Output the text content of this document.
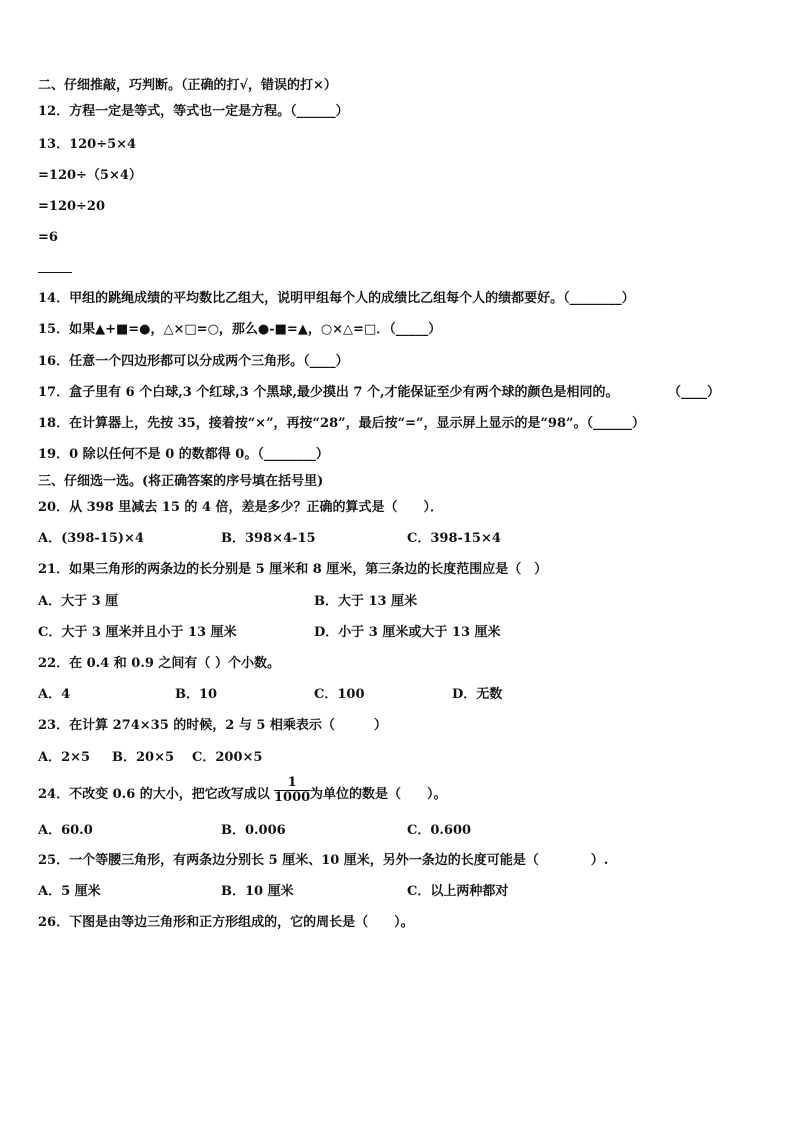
二、仔细推敲，巧判断。（正确的打√，错误的打×）
12．方程一定是等式，等式也一定是方程。（______）
13．120÷5×4
=120÷（5×4）
=120÷20
=6
14．甲组的跳绳成绩的平均数比乙组大，说明甲组每个人的成绩比乙组每个人的绩都要好。（________）
15．如果▲+■=●，△×□=○，那么●-■=▲，○×△=□．（_____）
16．任意一个四边形都可以分成两个三角形。（____）
17．盒子里有 6 个白球,3 个红球,3 个黑球,最少摸出 7 个,才能保证至少有两个球的颜色是相同的。	（____）
18．在计算器上，先按 35，接着按“×”，再按“28”，最后按“=”，显示屏上显示的是“98”。（______）
19．0 除以任何不是 0 的数都得 0。（________）
三、仔细选一选。(将正确答案的序号填在括号里)
20．从 398 里减去 15 的 4 倍，差是多少？正确的算式是（　　）．
A．(398-15)×4	B．398×4-15	C．398-15×4
21．如果三角形的两条边的长分别是 5 厘米和 8 厘米，第三条边的长度范围应是（　）
A．大于 3 厘	B．大于 13 厘米
C．大于 3 厘米并且小于 13 厘米	D．小于 3 厘米或大于 13 厘米
22．在 0.4 和 0.9 之间有（ ）个小数。
A．4	B．10	C．100	D．无数
23．在计算 274×35 的时候，2 与 5 相乘表示（　　　）
A．2×5 B．20×5 C．200×5
24．不改变 0.6 的大小，把它改写成以 $\frac{1}{1000}$ 为单位的数是（　　）。
A．60.0	B．0.006	C．0.600
25．一个等腰三角形，有两条边分别长 5 厘米、10 厘米，另外一条边的长度可能是（　　　　）.
A．5 厘米	B．10 厘米	C．以上两种都对
26．下图是由等边三角形和正方形组成的，它的周长是（　　）。
